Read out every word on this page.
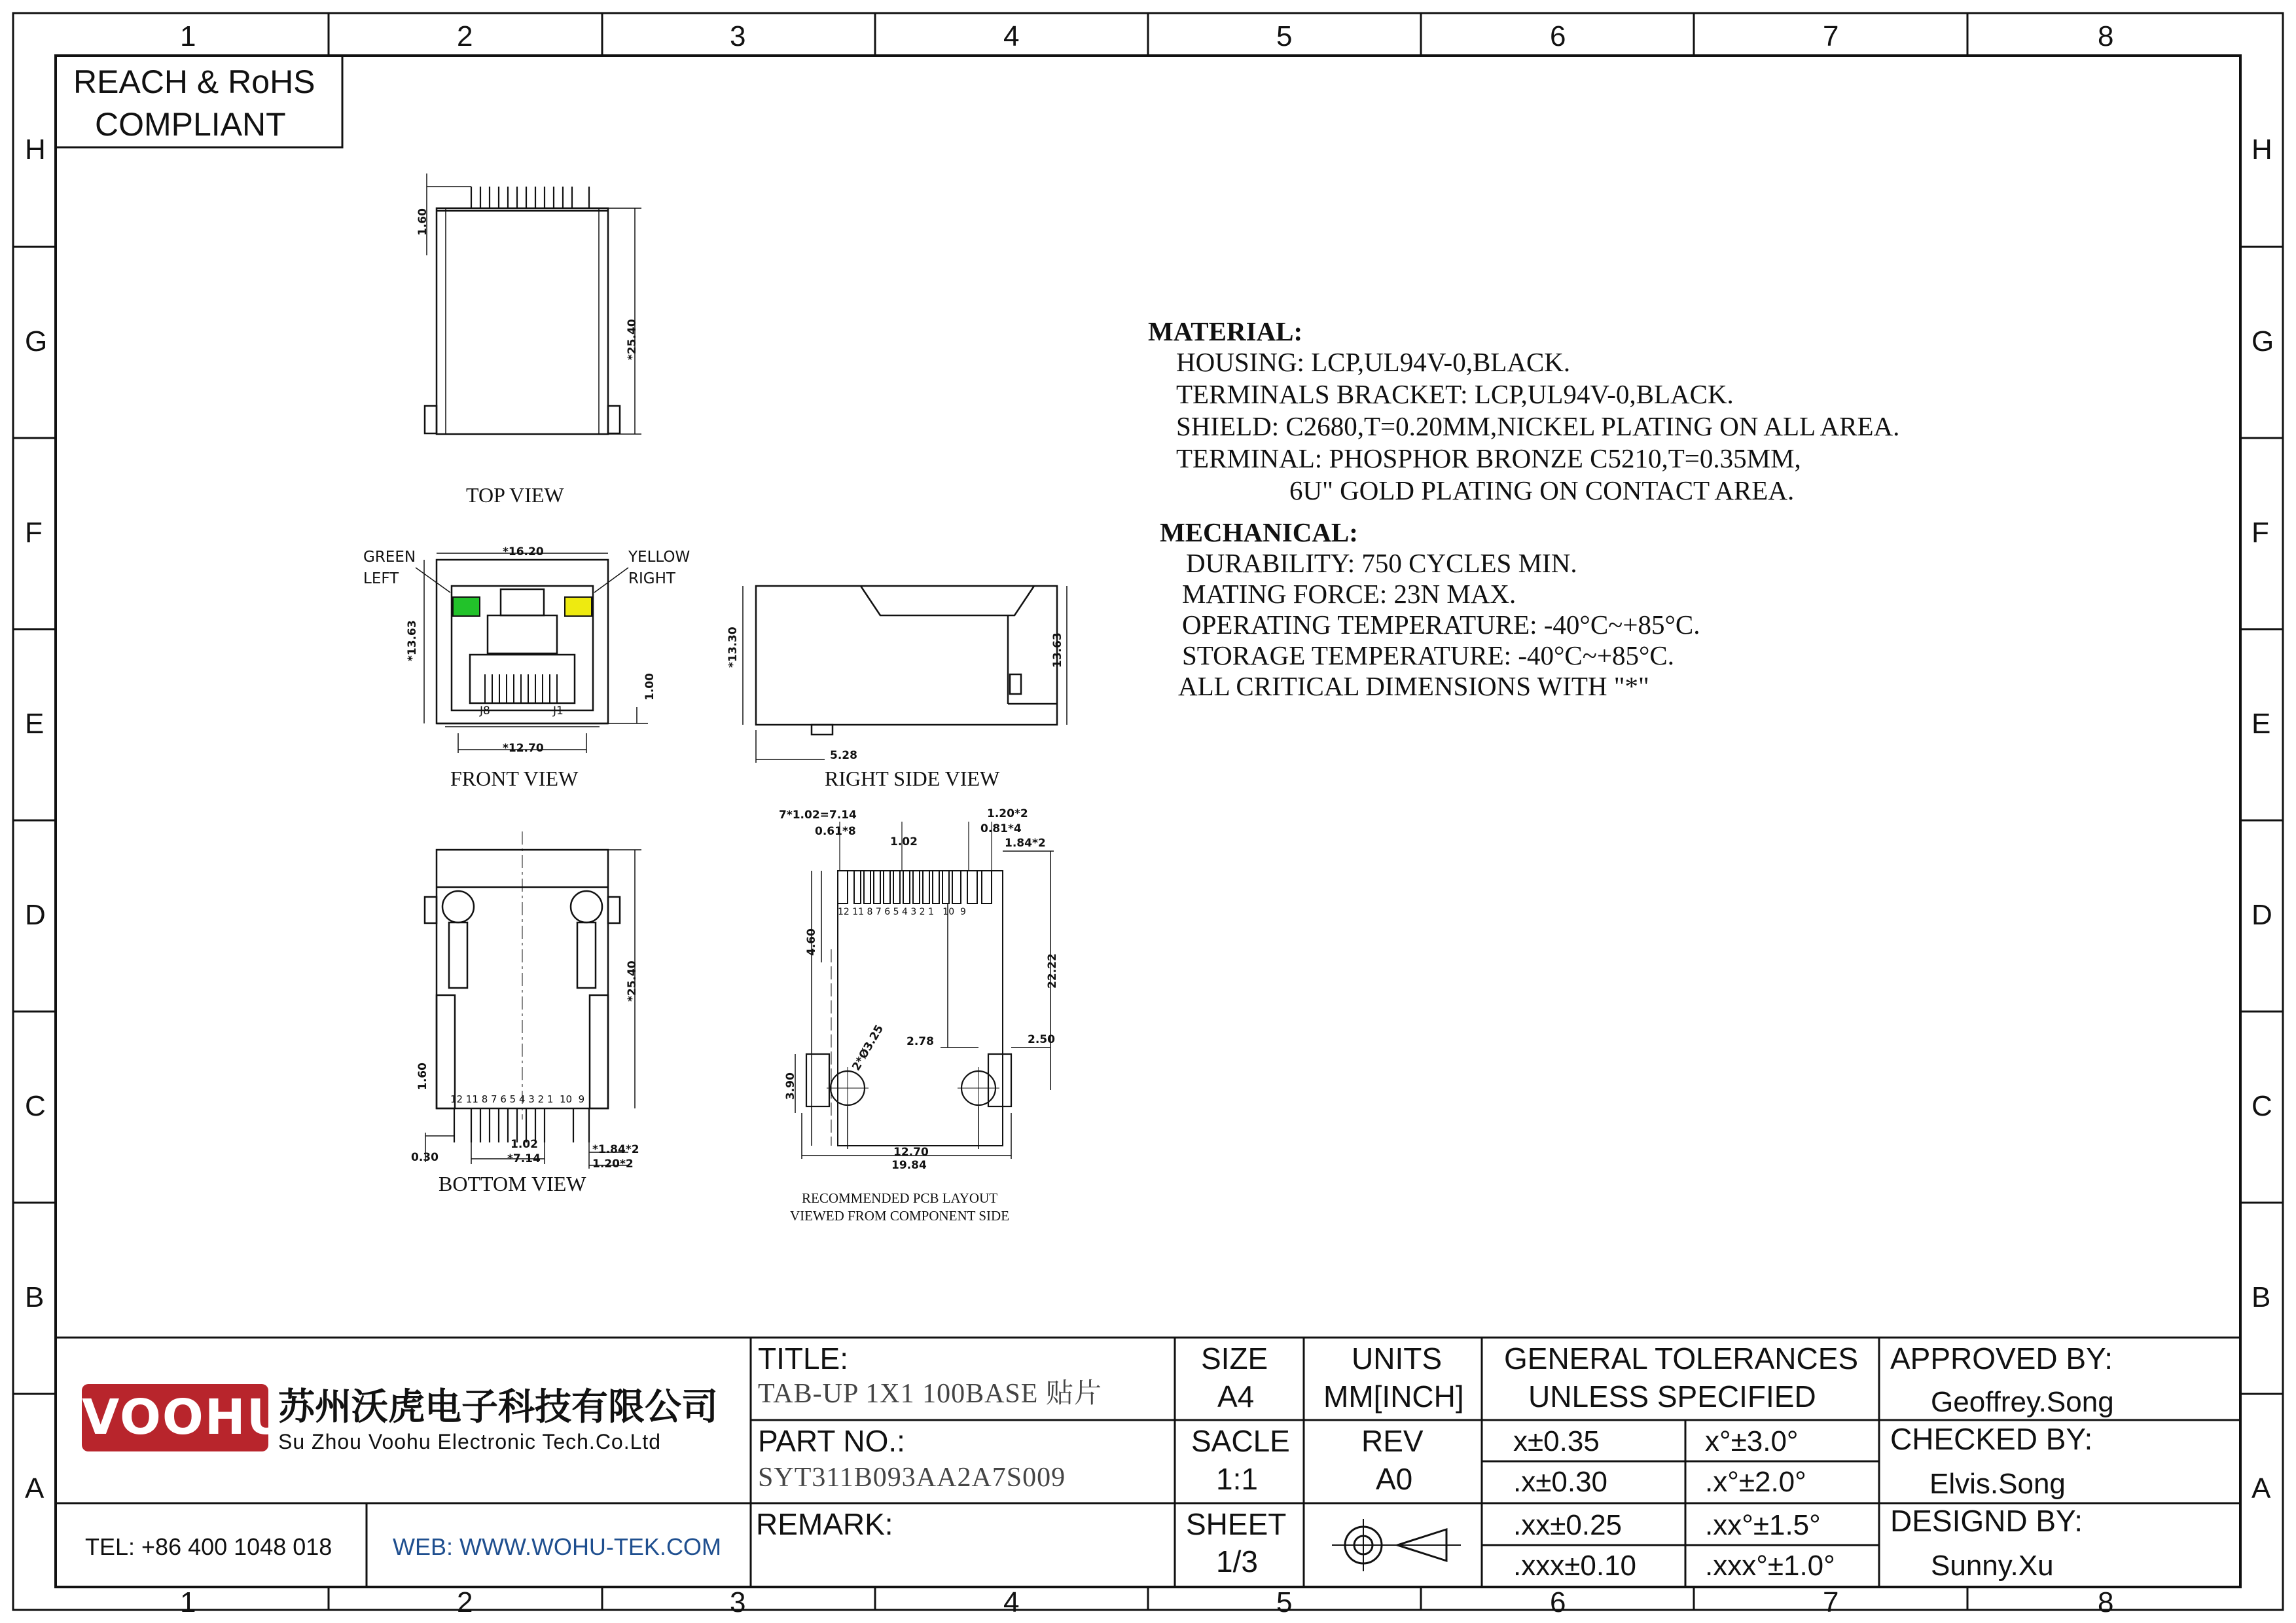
1	2	3	4	5	6	7	8
1	2	3	4	5	6	7	8
H
G
F
E
D
C
B
A
H
G
F
E
D
C
B
A
REACH & RoHS
COMPLIANT
TOP VIEW
FRONT VIEW	RIGHT SIDE VIEW
BOTTOM VIEW
RECOMMENDED PCB LAYOUT
VIEWED FROM COMPONENT SIDE
GREEN
LEFT
YELLOW
RIGHT
1.60
*25.40
*16.20
*13.63
1.00
*12.70
J8	J1
*13.30	13.63
5.28
*25.40
1.60
0.30
1.02
*7.14
*1.84*2
1.20*2
12 11 8 7 6 5 4 3 2 1  10  9
7*1.02=7.14
0.61*8
1.02
1.20*2
0.81*4
1.84*2
4.60
22.22
2.78	2.50
2*Ø3.25
3.90
12.70
19.84
12 11 8 7 6 5 4 3 2 1   10  9
MATERIAL:
HOUSING: LCP,UL94V-0,BLACK.
TERMINALS BRACKET: LCP,UL94V-0,BLACK.
SHIELD: C2680,T=0.20MM,NICKEL PLATING ON ALL AREA.
TERMINAL: PHOSPHOR BRONZE C5210,T=0.35MM,
6U" GOLD PLATING ON CONTACT AREA.
MECHANICAL:
DURABILITY: 750 CYCLES MIN.
MATING FORCE: 23N MAX.
OPERATING TEMPERATURE: -40°C~+85°C.
STORAGE TEMPERATURE: -40°C~+85°C.
ALL CRITICAL DIMENSIONS WITH "*"
VOOHU
苏州沃虎电子科技有限公司
Su Zhou Voohu Electronic Tech.Co.Ltd
TEL: +86 400 1048 018	WEB: WWW.WOHU-TEK.COM
TITLE:
TAB-UP 1X1 100BASE 贴片
PART NO.:
SYT311B093AA2A7S009
REMARK:
SIZE
A4
UNITS
MM[INCH]
SACLE
1:1
REV
A0
SHEET
1/3
GENERAL TOLERANCES
UNLESS SPECIFIED
x±0.35	x°±3.0°
.x±0.30	.x°±2.0°
.xx±0.25	.xx°±1.5°
.xxx±0.10 .xxx°±1.0°
APPROVED BY:
Geoffrey.Song
CHECKED BY:
Elvis.Song
DESIGND BY:
Sunny.Xu
